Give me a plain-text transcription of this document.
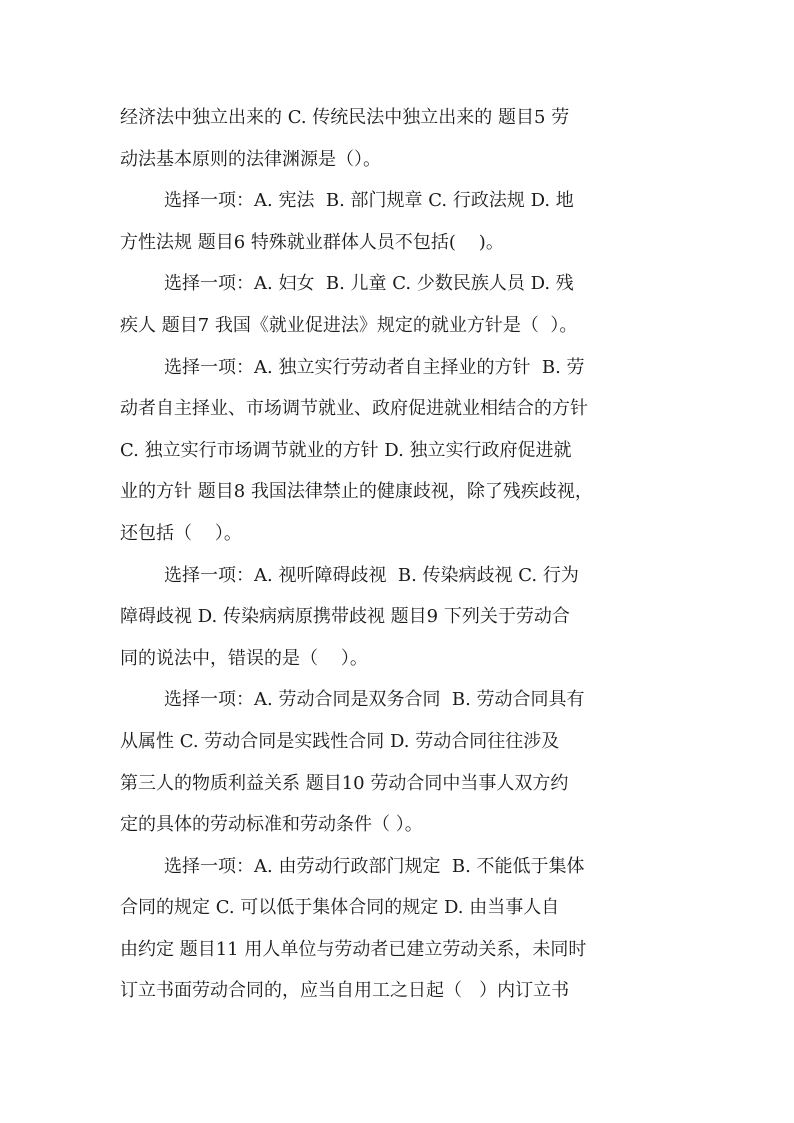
经济法中独立出来的 C. 传统民法中独立出来的 题目5 劳
动法基本原则的法律渊源是（）。
选择一项：A. 宪法  B. 部门规章 C. 行政法规 D. 地
方性法规 题目6 特殊就业群体人员不包括(    )。
选择一项：A. 妇女  B. 儿童 C. 少数民族人员 D. 残
疾人 题目7 我国《就业促进法》规定的就业方针是（  ）。
选择一项：A. 独立实行劳动者自主择业的方针  B. 劳
动者自主择业、市场调节就业、政府促进就业相结合的方针
C. 独立实行市场调节就业的方针 D. 独立实行政府促进就
业的方针 题目8 我国法律禁止的健康歧视，除了残疾歧视，
还包括（    ）。
选择一项：A. 视听障碍歧视  B. 传染病歧视 C. 行为
障碍歧视 D. 传染病病原携带歧视 题目9 下列关于劳动合
同的说法中，错误的是（    ）。
选择一项：A. 劳动合同是双务合同  B. 劳动合同具有
从属性 C. 劳动合同是实践性合同 D. 劳动合同往往涉及
第三人的物质利益关系 题目10 劳动合同中当事人双方约
定的具体的劳动标准和劳动条件（ ）。
选择一项：A. 由劳动行政部门规定  B. 不能低于集体
合同的规定 C. 可以低于集体合同的规定 D. 由当事人自
由约定 题目11 用人单位与劳动者已建立劳动关系，未同时
订立书面劳动合同的，应当自用工之日起（   ）内订立书
